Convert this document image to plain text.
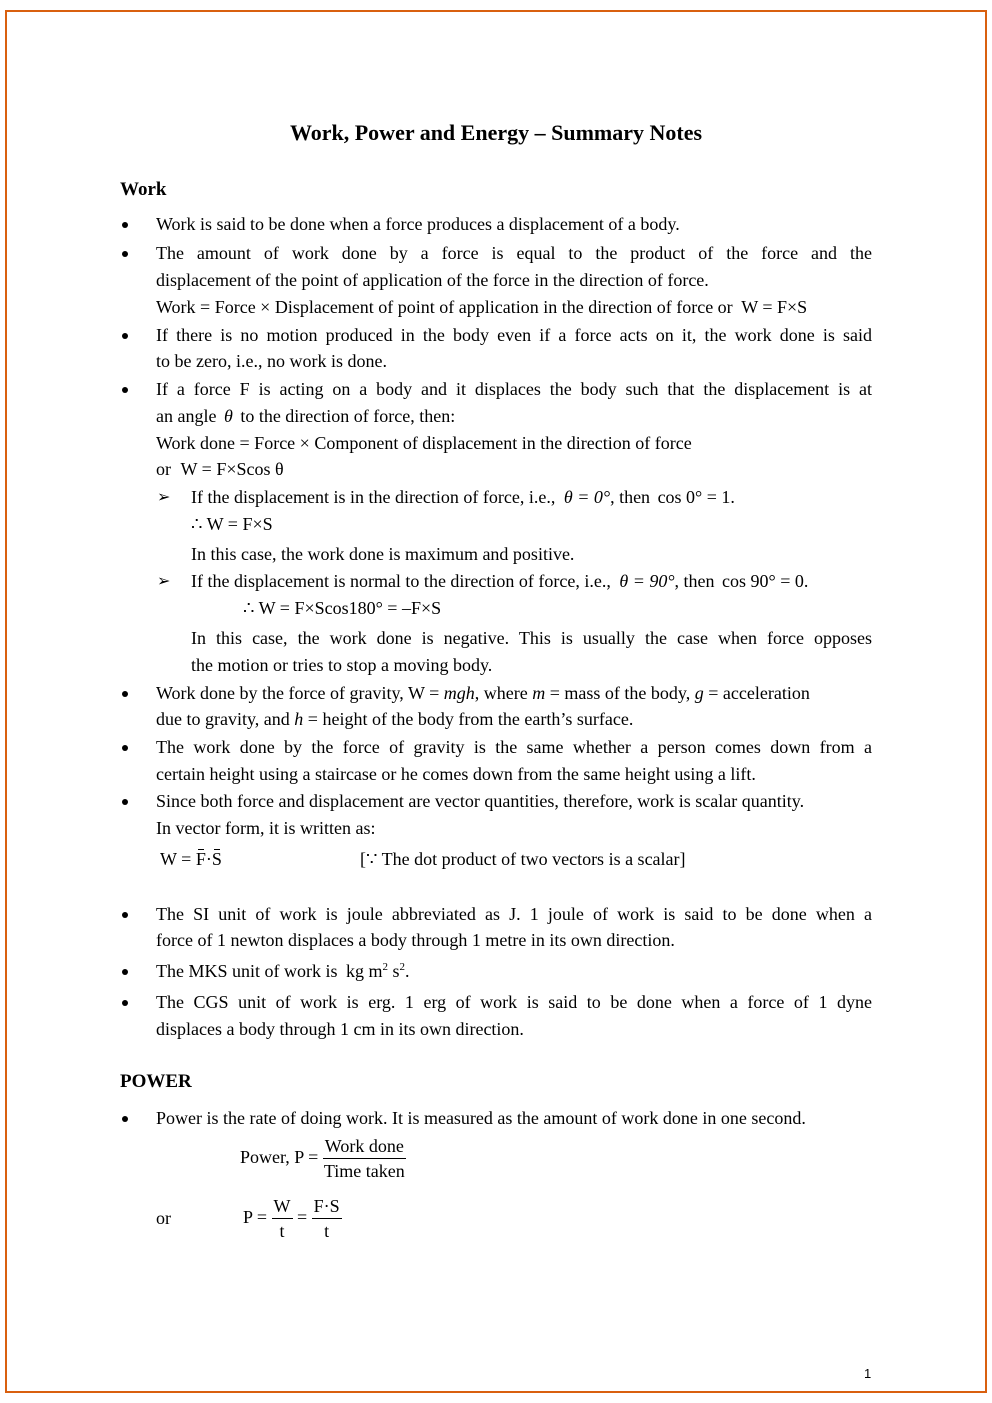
Work, Power and Energy – Summary Notes
Work
Work is said to be done when a force produces a displacement of a body.
The amount of work done by a force is equal to the product of the force and the
displacement of the point of application of the force in the direction of force.
Work = Force × Displacement of point of application in the direction of force or W = F×S
If there is no motion produced in the body even if a force acts on it, the work done is said
to be zero, i.e., no work is done.
If a force F is acting on a body and it displaces the body such that the displacement is at
an angle θ to the direction of force, then:
Work done = Force × Component of displacement in the direction of force
or W = F×Scos θ
➢ If the displacement is in the direction of force, i.e., θ = 0°, then cos 0° = 1.
∴ W = F×S
In this case, the work done is maximum and positive.
➢ If the displacement is normal to the direction of force, i.e., θ = 90°, then cos 90° = 0.
∴ W = F×Scos180° = –F×S
In this case, the work done is negative. This is usually the case when force opposes
the motion or tries to stop a moving body.
Work done by the force of gravity, W = mgh, where m = mass of the body, g = acceleration
due to gravity, and h = height of the body from the earth’s surface.
The work done by the force of gravity is the same whether a person comes down from a
certain height using a staircase or he comes down from the same height using a lift.
Since both force and displacement are vector quantities, therefore, work is scalar quantity.
In vector form, it is written as:
W = F·S	[∵ The dot product of two vectors is a scalar]
The SI unit of work is joule abbreviated as J. 1 joule of work is said to be done when a
force of 1 newton displaces a body through 1 metre in its own direction.
The MKS unit of work is kg $m^2$ $s^2$.
The CGS unit of work is erg. 1 erg of work is said to be done when a force of 1 dyne
displaces a body through 1 cm in its own direction.
POWER
Power is the rate of doing work. It is measured as the amount of work done in one second.
Power, $P = \frac{\text{Work done}}{\text{Time taken}}$
or	$P = \frac{W}{t} = \frac{F\cdot S}{t}$
1
